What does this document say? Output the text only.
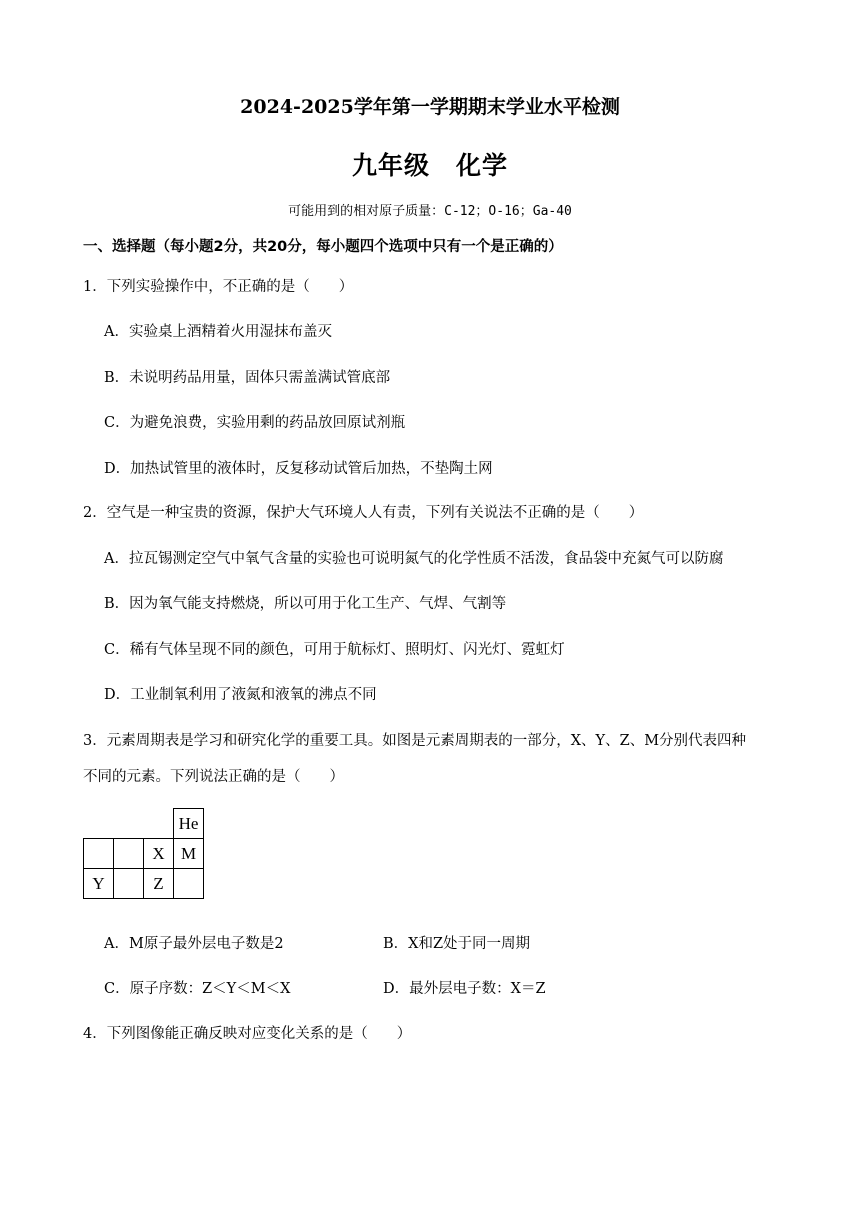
2024-2025学年第一学期期末学业水平检测
九年级　化学
可能用到的相对原子质量：C-12；O-16；Ga-40
一、选择题（每小题2分，共20分，每小题四个选项中只有一个是正确的）
1．下列实验操作中，不正确的是（　　）
A．实验桌上酒精着火用湿抹布盖灭
B．未说明药品用量，固体只需盖满试管底部
C．为避免浪费，实验用剩的药品放回原试剂瓶
D．加热试管里的液体时，反复移动试管后加热，不垫陶土网
2．空气是一种宝贵的资源，保护大气环境人人有责，下列有关说法不正确的是（　　）
A．拉瓦锡测定空气中氧气含量的实验也可说明氮气的化学性质不活泼，食品袋中充氮气可以防腐
B．因为氧气能支持燃烧，所以可用于化工生产、气焊、气割等
C．稀有气体呈现不同的颜色，可用于航标灯、照明灯、闪光灯、霓虹灯
D．工业制氧利用了液氮和液氧的沸点不同
3．元素周期表是学习和研究化学的重要工具。如图是元素周期表的一部分，X、Y、Z、M分别代表四种
不同的元素。下列说法正确的是（　　）
			He
		X	M
Y		Z	
A．M原子最外层电子数是2	B．X和Z处于同一周期
C．原子序数：Z＜Y＜M＜X	D．最外层电子数：X＝Z
4．下列图像能正确反映对应变化关系的是（　　）
